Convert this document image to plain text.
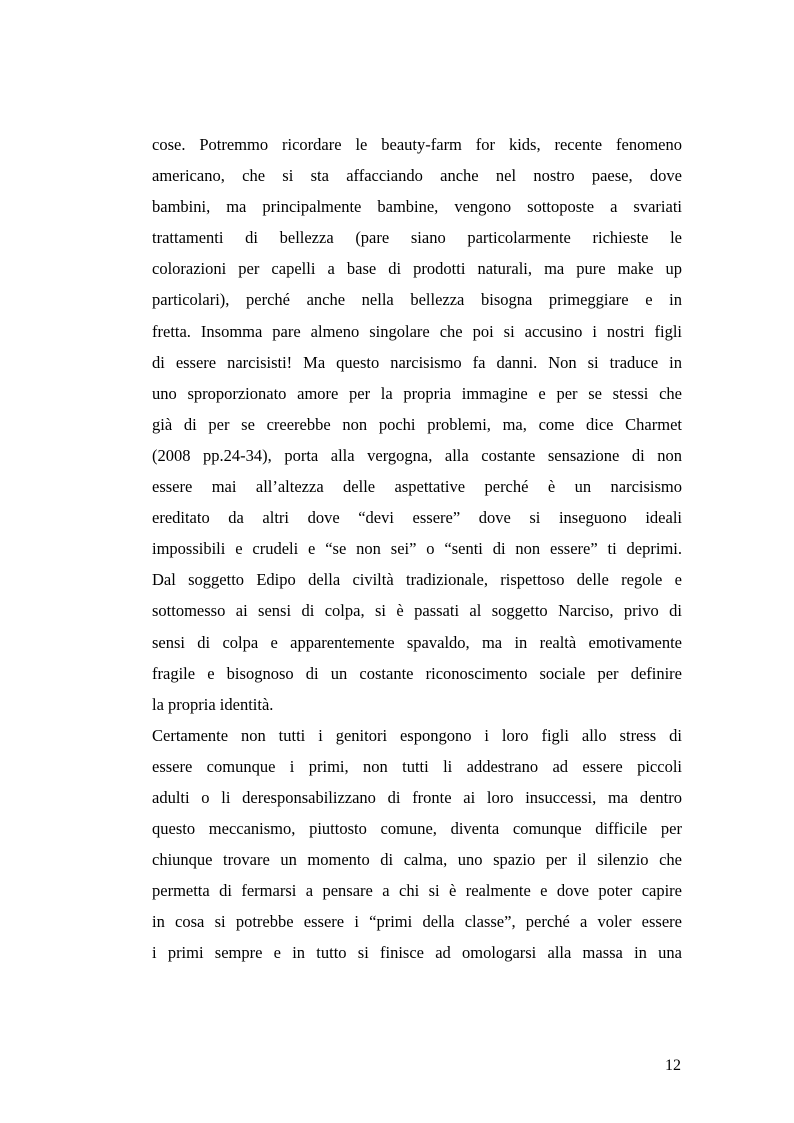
cose. Potremmo ricordare le beauty-farm for kids, recente fenomeno
americano, che si sta affacciando anche nel nostro paese, dove
bambini, ma principalmente bambine, vengono sottoposte a svariati
trattamenti di bellezza (pare siano particolarmente richieste le
colorazioni per capelli a base di prodotti naturali, ma pure make up
particolari), perché anche nella bellezza bisogna primeggiare e in
fretta. Insomma pare almeno singolare che poi si accusino i nostri figli
di essere narcisisti! Ma questo narcisismo fa danni. Non si traduce in
uno sproporzionato amore per la propria immagine e per se stessi che
già di per se creerebbe non pochi problemi, ma, come dice Charmet
(2008 pp.24-34), porta alla vergogna, alla costante sensazione di non
essere mai all’altezza delle aspettative perché è un narcisismo
ereditato da altri dove “devi essere” dove si inseguono ideali
impossibili e crudeli e “se non sei” o “senti di non essere” ti deprimi.
Dal soggetto Edipo della civiltà tradizionale, rispettoso delle regole e
sottomesso ai sensi di colpa, si è passati al soggetto Narciso, privo di
sensi di colpa e apparentemente spavaldo, ma in realtà emotivamente
fragile e bisognoso di un costante riconoscimento sociale per definire
la propria identità.
Certamente non tutti i genitori espongono i loro figli allo stress di
essere comunque i primi, non tutti li addestrano ad essere piccoli
adulti o li deresponsabilizzano di fronte ai loro insuccessi, ma dentro
questo meccanismo, piuttosto comune, diventa comunque difficile per
chiunque trovare un momento di calma, uno spazio per il silenzio che
permetta di fermarsi a pensare a chi si è realmente e dove poter capire
in cosa si potrebbe essere i “primi della classe”, perché a voler essere
i primi sempre e in tutto si finisce ad omologarsi alla massa in una
12
